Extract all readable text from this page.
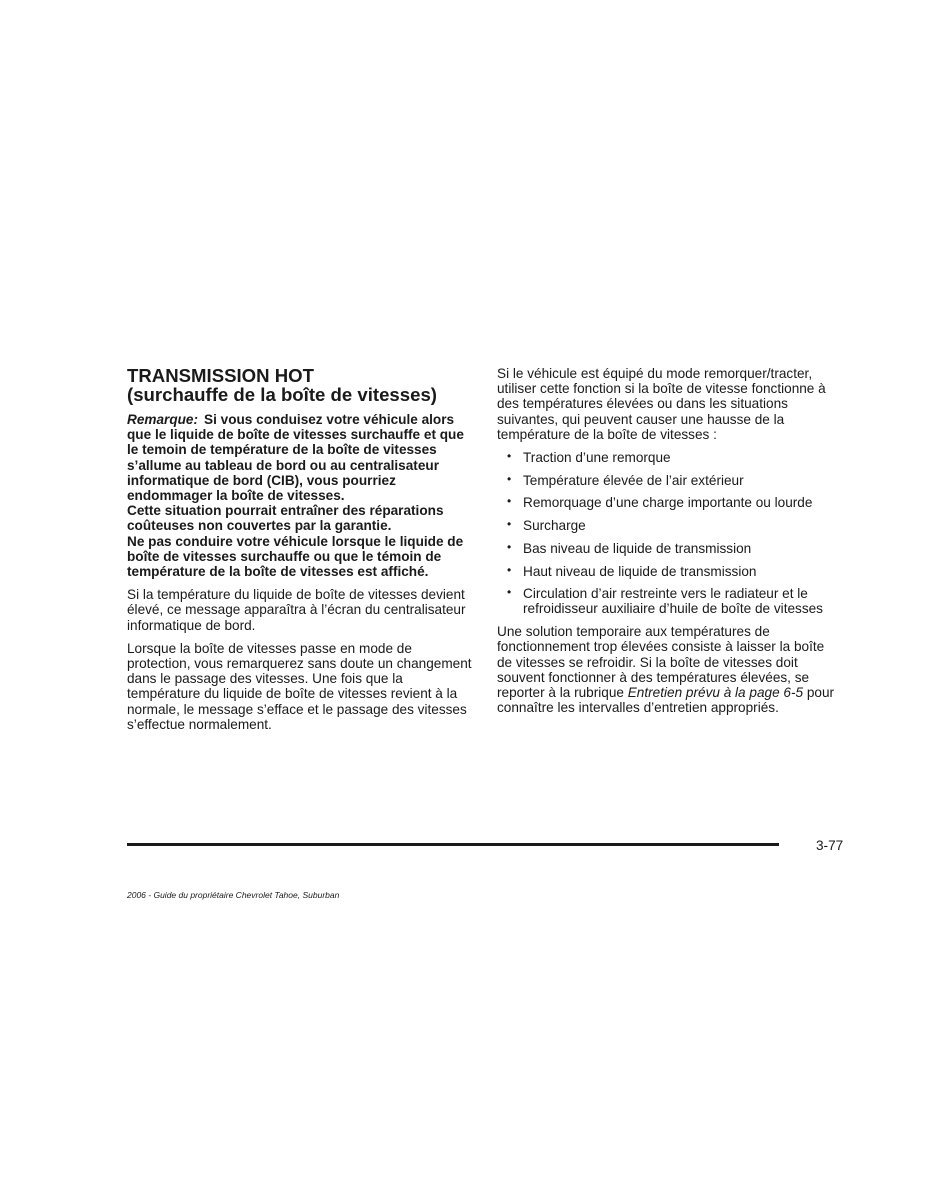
TRANSMISSION HOT
(surchauffe de la boîte de vitesses)
Remarque: Si vous conduisez votre véhicule alors que le liquide de boîte de vitesses surchauffe et que le temoin de température de la boîte de vitesses s’allume au tableau de bord ou au centralisateur informatique de bord (CIB), vous pourriez endommager la boîte de vitesses.
Cette situation pourrait entraîner des réparations coûteuses non couvertes par la garantie.
Ne pas conduire votre véhicule lorsque le liquide de boîte de vitesses surchauffe ou que le témoin de température de la boîte de vitesses est affiché.

Si la température du liquide de boîte de vitesses devient élevé, ce message apparaîtra à l’écran du centralisateur informatique de bord.

Lorsque la boîte de vitesses passe en mode de protection, vous remarquerez sans doute un changement dans le passage des vitesses. Une fois que la température du liquide de boîte de vitesses revient à la normale, le message s’efface et le passage des vitesses s’effectue normalement.

Si le véhicule est équipé du mode remorquer/tracter, utiliser cette fonction si la boîte de vitesse fonctionne à des températures élevées ou dans les situations suivantes, qui peuvent causer une hausse de la température de la boîte de vitesses :

• Traction d’une remorque
• Température élevée de l’air extérieur
• Remorquage d’une charge importante ou lourde
• Surcharge
• Bas niveau de liquide de transmission
• Haut niveau de liquide de transmission
• Circulation d’air restreinte vers le radiateur et le refroidisseur auxiliaire d’huile de boîte de vitesses

Une solution temporaire aux températures de fonctionnement trop élevées consiste à laisser la boîte de vitesses se refroidir. Si la boîte de vitesses doit souvent fonctionner à des températures élevées, se reporter à la rubrique Entretien prévu à la page 6-5 pour connaître les intervalles d’entretien appropriés.

3-77
2006 - Guide du propriétaire Chevrolet Tahoe, Suburban
